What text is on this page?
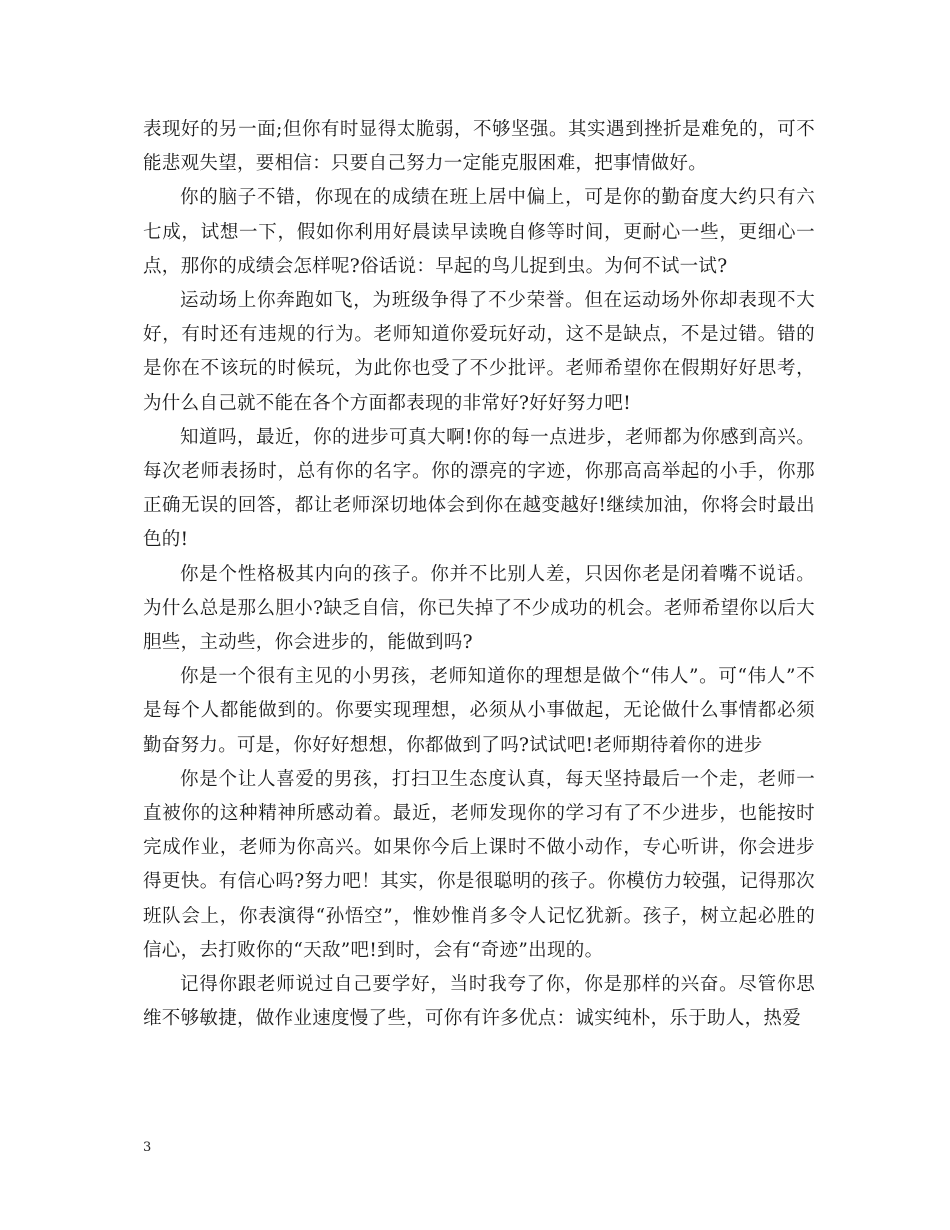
表现好的另一面;但你有时显得太脆弱，不够坚强。其实遇到挫折是难免的，可不能悲观失望，要相信：只要自己努力一定能克服困难，把事情做好。

你的脑子不错，你现在的成绩在班上居中偏上，可是你的勤奋度大约只有六七成，试想一下，假如你利用好晨读早读晚自修等时间，更耐心一些，更细心一点，那你的成绩会怎样呢?俗话说：早起的鸟儿捉到虫。为何不试一试?

运动场上你奔跑如飞，为班级争得了不少荣誉。但在运动场外你却表现不大好，有时还有违规的行为。老师知道你爱玩好动，这不是缺点，不是过错。错的是你在不该玩的时候玩，为此你也受了不少批评。老师希望你在假期好好思考，为什么自己就不能在各个方面都表现的非常好?好好努力吧!

知道吗，最近，你的进步可真大啊!你的每一点进步，老师都为你感到高兴。每次老师表扬时，总有你的名字。你的漂亮的字迹，你那高高举起的小手，你那正确无误的回答，都让老师深切地体会到你在越变越好!继续加油，你将会时最出色的!

你是个性格极其内向的孩子。你并不比别人差，只因你老是闭着嘴不说话。为什么总是那么胆小?缺乏自信，你已失掉了不少成功的机会。老师希望你以后大胆些，主动些，你会进步的，能做到吗?

你是一个很有主见的小男孩，老师知道你的理想是做个“伟人”。可“伟人”不是每个人都能做到的。你要实现理想，必须从小事做起，无论做什么事情都必须勤奋努力。可是，你好好想想，你都做到了吗?试试吧!老师期待着你的进步

你是个让人喜爱的男孩，打扫卫生态度认真，每天坚持最后一个走，老师一直被你的这种精神所感动着。最近，老师发现你的学习有了不少进步，也能按时完成作业，老师为你高兴。如果你今后上课时不做小动作，专心听讲，你会进步得更快。有信心吗?努力吧！其实，你是很聪明的孩子。你模仿力较强，记得那次班队会上，你表演得“孙悟空”，惟妙惟肖多令人记忆犹新。孩子，树立起必胜的信心，去打败你的“天敌”吧!到时，会有“奇迹”出现的。

记得你跟老师说过自己要学好，当时我夸了你，你是那样的兴奋。尽管你思维不够敏捷，做作业速度慢了些，可你有许多优点：诚实纯朴，乐于助人，热爱

3
